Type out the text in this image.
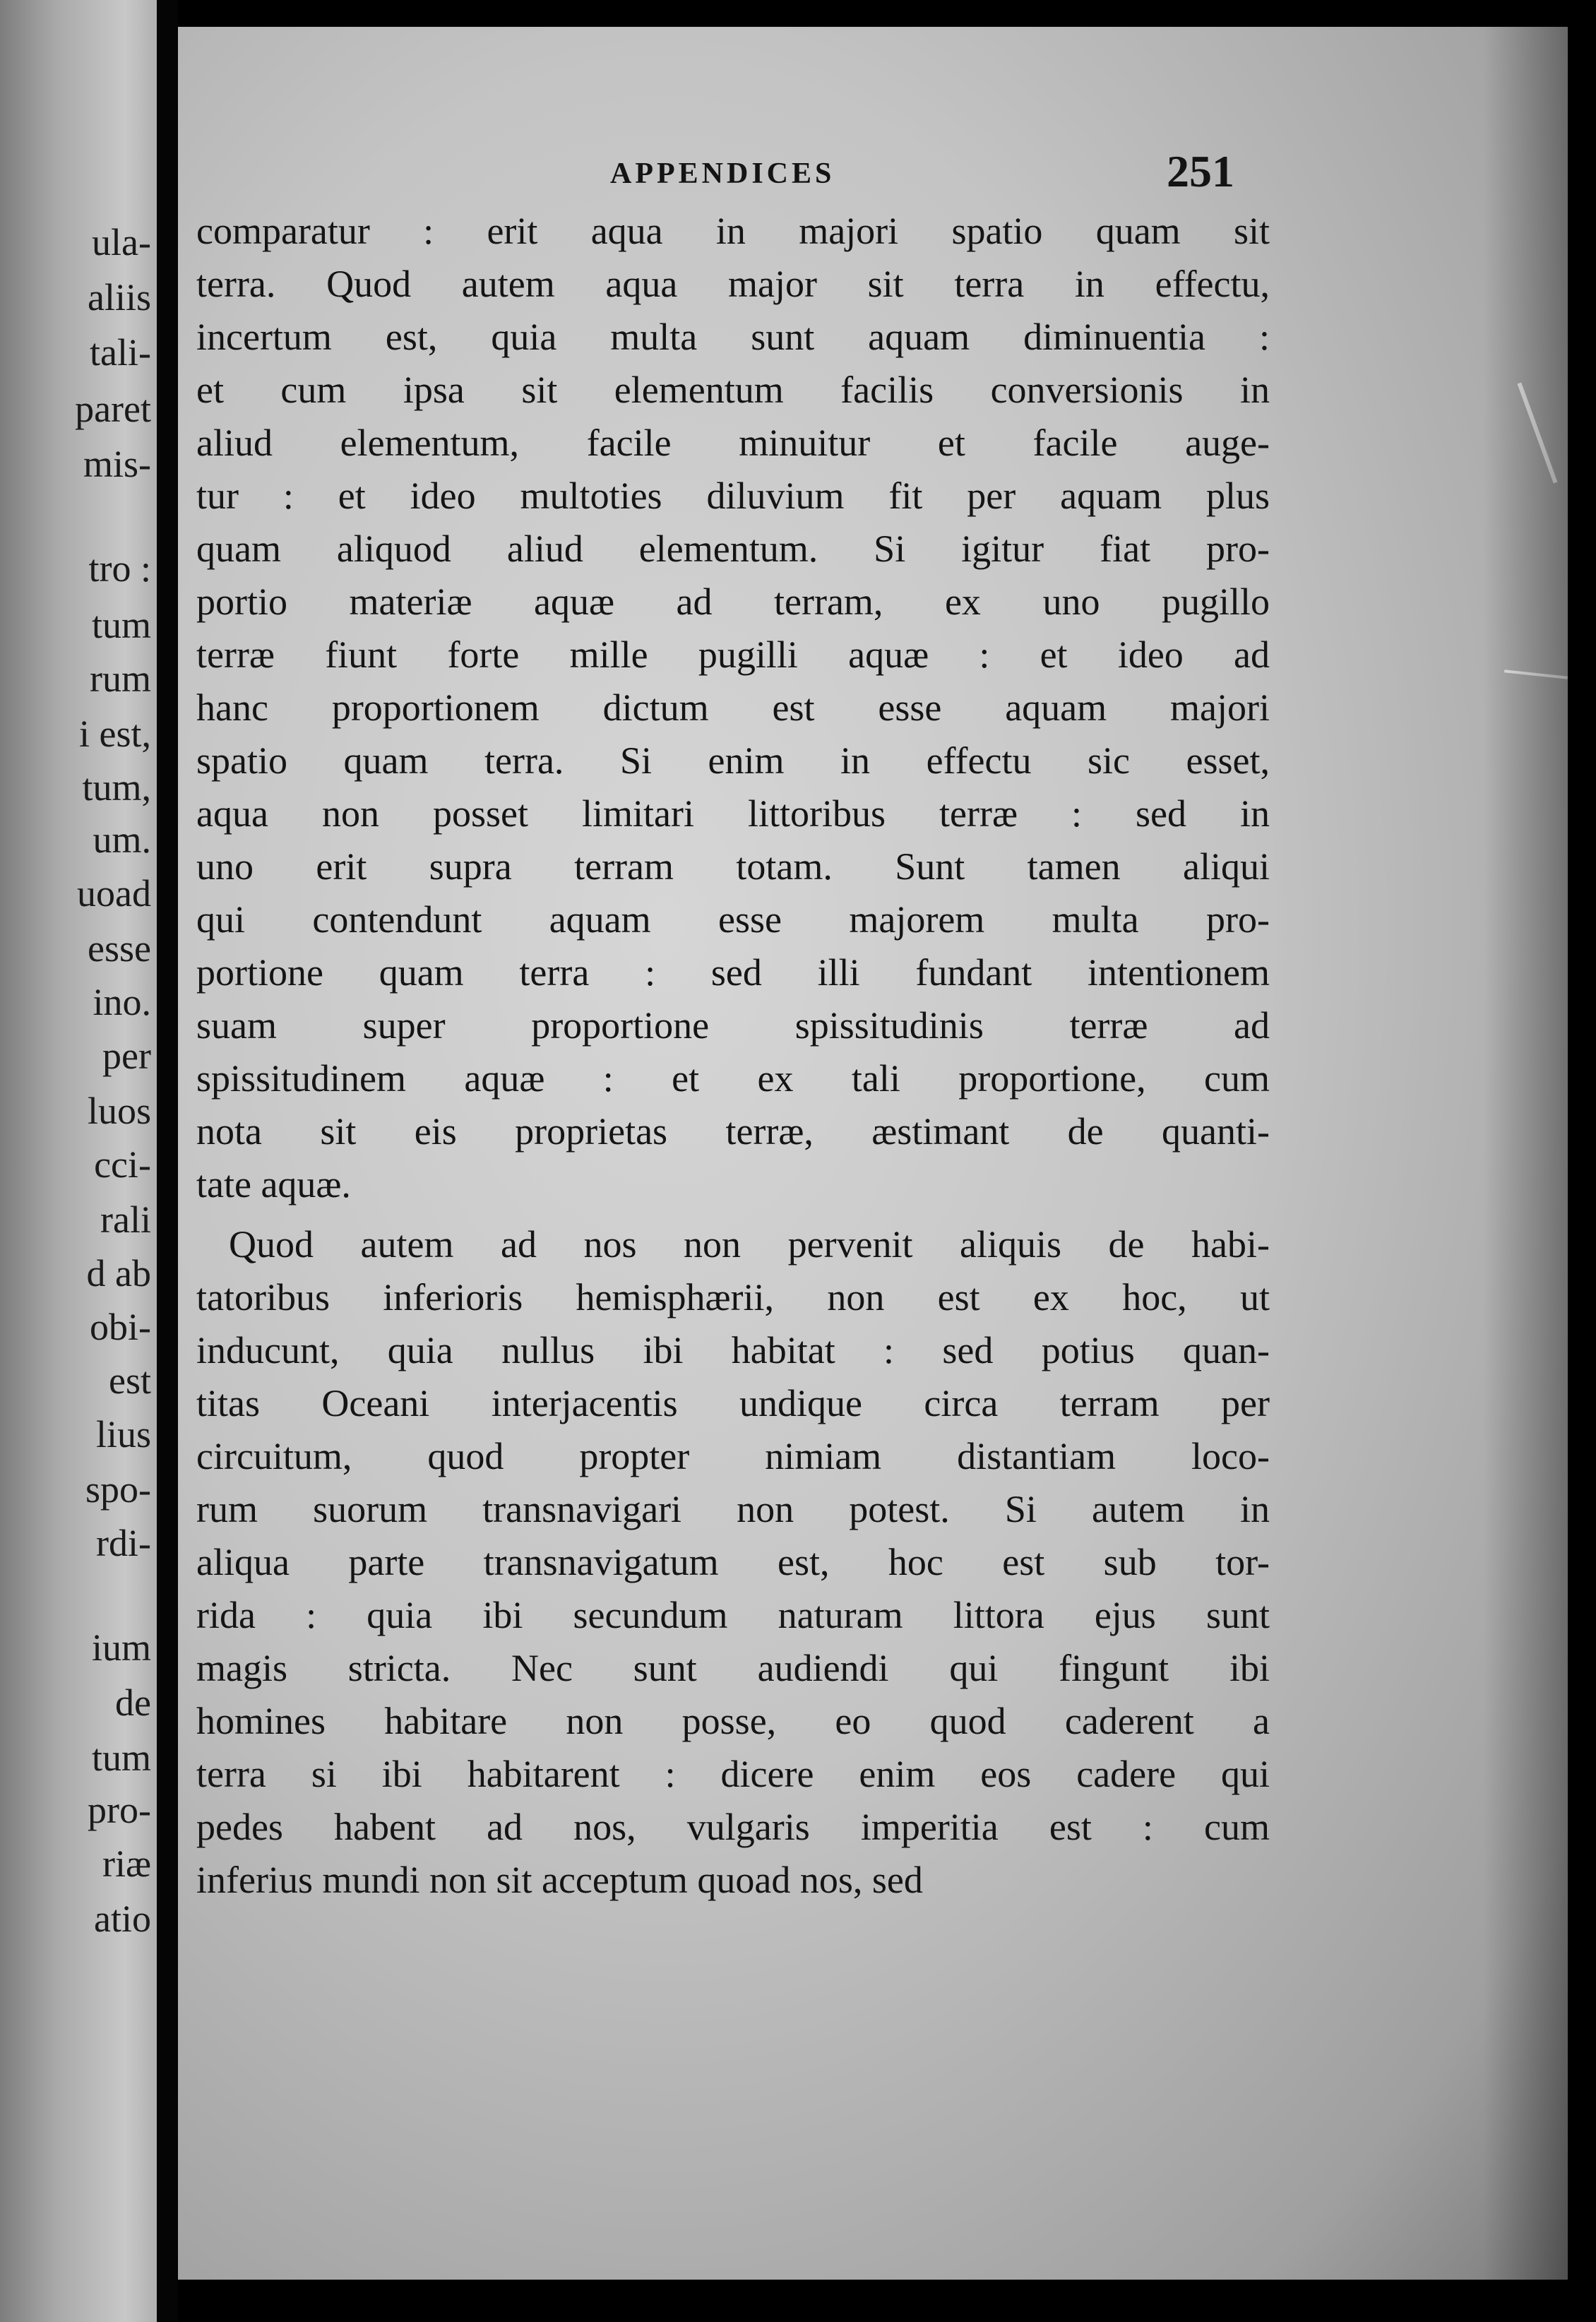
ula-

aliis

tali-

paret

mis-

tro :

tum

rum

i est,

tum,

um.

uoad

esse

ino.

per

luos

cci-

rali

d ab

obi-

est

lius

spo-

rdi-

ium

de

tum

pro-

riæ

atio

APPENDICES	251

comparatur : erit aqua in majori spatio quam sit

terra. Quod autem aqua major sit terra in effectu,

incertum est, quia multa sunt aquam diminuentia :

et cum ipsa sit elementum facilis conversionis in

aliud elementum, facile minuitur et facile auge-

tur : et ideo multoties diluvium fit per aquam plus

quam aliquod aliud elementum. Si igitur fiat pro-

portio materiæ aquæ ad terram, ex uno pugillo

terræ fiunt forte mille pugilli aquæ : et ideo ad

hanc proportionem dictum est esse aquam majori

spatio quam terra. Si enim in effectu sic esset,

aqua non posset limitari littoribus terræ : sed in

uno erit supra terram totam. Sunt tamen aliqui

qui contendunt aquam esse majorem multa pro-

portione quam terra : sed illi fundant intentionem

suam super proportione spissitudinis terræ ad

spissitudinem aquæ : et ex tali proportione, cum

nota sit eis proprietas terræ, æstimant de quanti-

tate aquæ.

Quod autem ad nos non pervenit aliquis de habi-

tatoribus inferioris hemisphærii, non est ex hoc, ut

inducunt, quia nullus ibi habitat : sed potius quan-

titas Oceani interjacentis undique circa terram per

circuitum, quod propter nimiam distantiam loco-

rum suorum transnavigari non potest. Si autem in

aliqua parte transnavigatum est, hoc est sub tor-

rida : quia ibi secundum naturam littora ejus sunt

magis stricta. Nec sunt audiendi qui fingunt ibi

homines habitare non posse, eo quod caderent a

terra si ibi habitarent : dicere enim eos cadere qui

pedes habent ad nos, vulgaris imperitia est : cum

inferius mundi non sit acceptum quoad nos, sed
